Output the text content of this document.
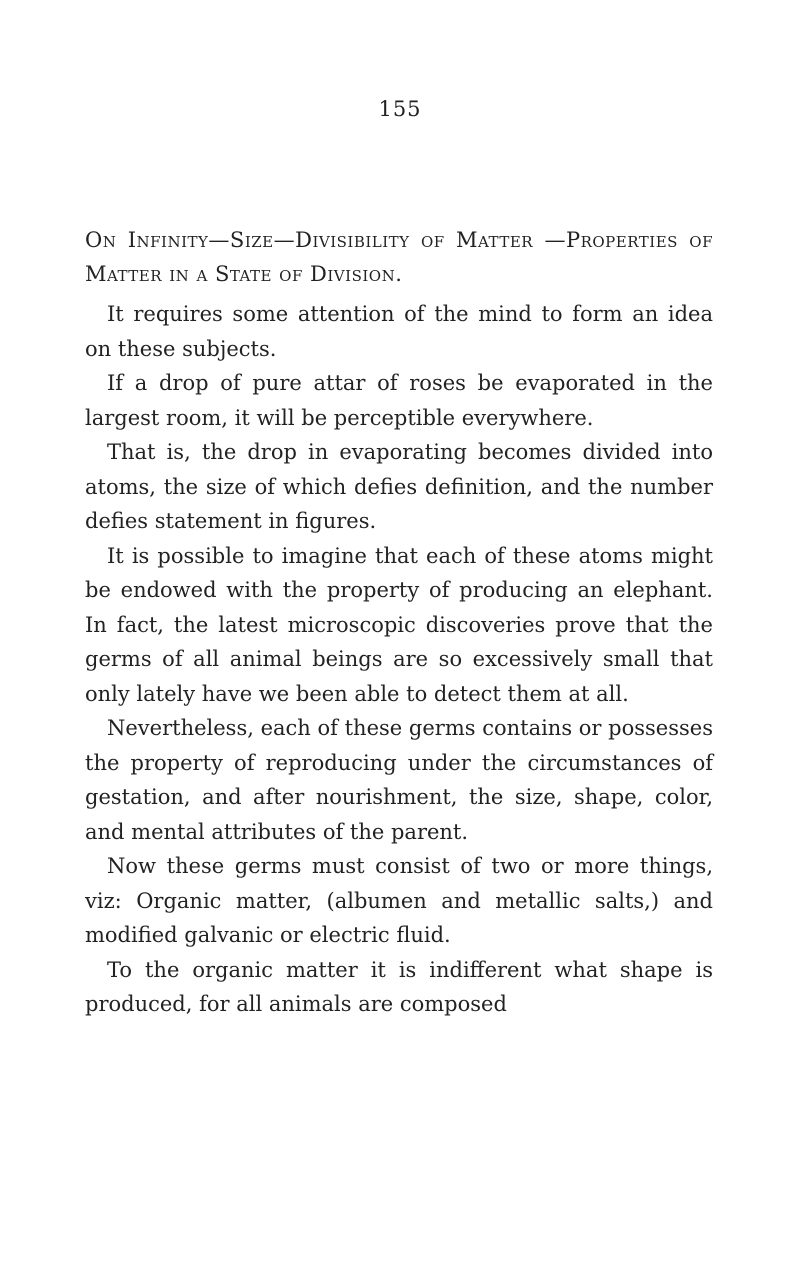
155
On Infinity—Size—Divisibility of Matter —Properties of Matter in a State of Division.

It requires some attention of the mind to form an idea on these subjects.

If a drop of pure attar of roses be evaporated in the largest room, it will be perceptible everywhere.

That is, the drop in evaporating becomes divided into atoms, the size of which defies definition, and the number defies statement in figures.

It is possible to imagine that each of these atoms might be endowed with the property of producing an elephant. In fact, the latest microscopic discoveries prove that the germs of all animal beings are so excessively small that only lately have we been able to detect them at all.

Nevertheless, each of these germs contains or possesses the property of reproducing under the circumstances of gestation, and after nourishment, the size, shape, color, and mental attributes of the parent.

Now these germs must consist of two or more things, viz: Organic matter, (albumen and metallic salts,) and modified galvanic or electric fluid.

To the organic matter it is indifferent what shape is produced, for all animals are composed
